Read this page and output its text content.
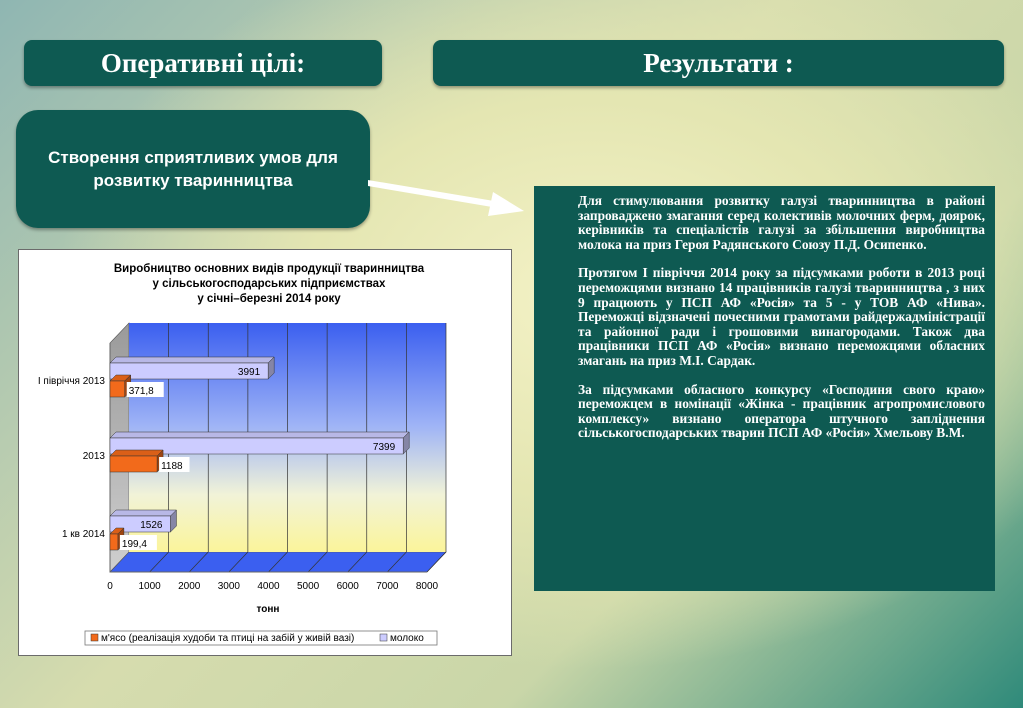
Оперативні цілі:	Результати :
Створення сприятливих умов для розвитку тваринництва

Для стимулювання розвитку галузі тваринництва в районі запроваджено змагання серед колективів молочних ферм, доярок, керівників та спеціалістів галузі за збільшення виробництва молока на приз Героя Радянського Союзу П.Д. Осипенко.

Протягом І півріччя 2014 року за підсумками роботи в 2013 році переможцями визнано 14 працівників галузі тваринництва , з них 9 працюють у ПСП АФ «Росія» та 5 - у ТОВ АФ «Нива». Переможці відзначені почесними грамотами райдержадміністрації та районної ради і грошовими винагородами. Також два працівники ПСП АФ «Росія» визнано переможцями обласних змагань на приз М.І. Сардак.

За підсумками обласного конкурсу «Господиня свого краю» переможцем в номінації «Жінка - працівник агропромислового комплексу» визнано оператора штучного запліднення сільськогосподарських тварин ПСП АФ «Росія» Хмельову В.М.

Виробництво основних видів продукції тваринництва
у сільськогосподарських підприємствах
у січні–березні 2014 року
0	1000 2000 3000 4000 5000 6000 7000 8000
І півріччя 2013
2013
1 кв 2014
3991
371,8
7399
1188
1526
199,4
тонн
м'ясо (реалізація худоби та птиці на забій у живій вазі)	молоко
